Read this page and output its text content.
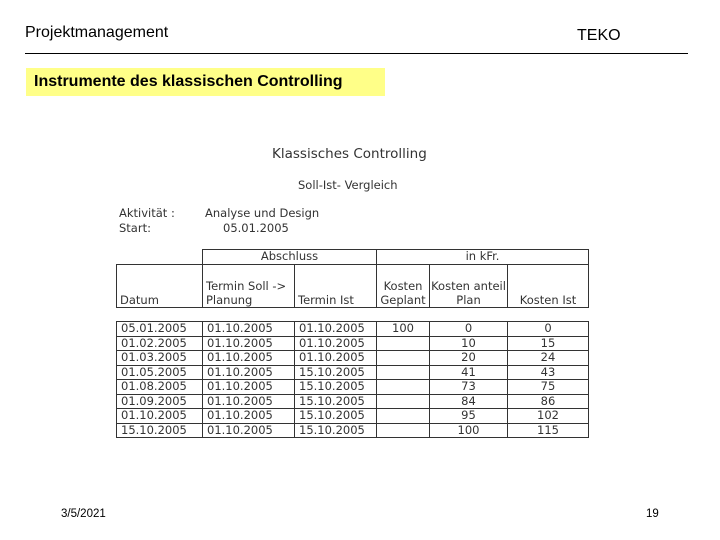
Projektmanagement	TEKO
Instrumente des klassischen Controlling
Klassisches Controlling
Soll-Ist- Vergleich
Aktivität :	Analyse und Design
Start:	05.01.2005
	Abschluss		in kFr.		
Datum	Termin Soll -> Planung	Termin Ist	Kosten Geplant	Kosten anteil Plan	Kosten Ist
05.01.2005	01.10.2005	01.10.2005	100	0	0
01.02.2005	01.10.2005	01.10.2005		10	15
01.03.2005	01.10.2005	01.10.2005		20	24
01.05.2005	01.10.2005	15.10.2005		41	43
01.08.2005	01.10.2005	15.10.2005		73	75
01.09.2005	01.10.2005	15.10.2005		84	86
01.10.2005	01.10.2005	15.10.2005		95	102
15.10.2005	01.10.2005	15.10.2005		100	115
3/5/2021	19
